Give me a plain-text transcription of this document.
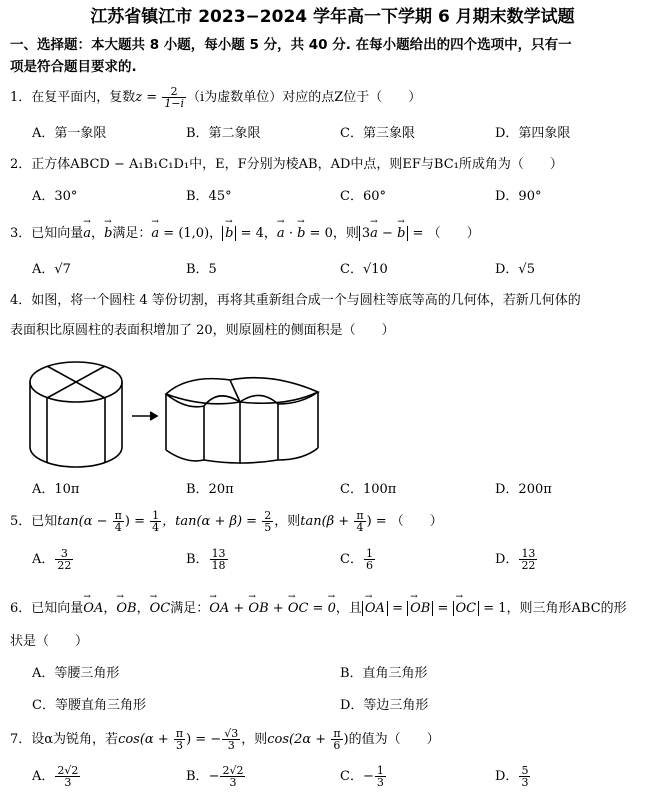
江苏省镇江市 2023−2024 学年高一下学期 6 月期末数学试题
一、选择题：本大题共 8 小题，每小题 5 分，共 40 分. 在每小题给出的四个选项中，只有一
项是符合题目要求的.
1．在复平面内，复数$z = \frac{2}{1-i} (i$为虚数单位）对应的点Z位于（　　）
A．第一象限	B．第二象限	C．第三象限	D．第四象限
2．正方体ABCD − A₁B₁C₁D₁中，E，F分别为棱AB，AD中点，则EF与BC₁所成角为（　　）
A．30°	B．45°	C．60°	D．90°
3．已知向量→ a，→ b满足：→ a = (1,0)， → b = 4，→ a · → b = 0，则 3→ a − → b = （　　）
A．√7	B．5	C．√10	D．√5
4．如图，将一个圆柱 4 等份切割，再将其重新组合成一个与圆柱等底等高的几何体，若新几何体的
表面积比原圆柱的表面积增加了 20，则原圆柱的侧面积是（　　）
A．10π	B．20π	C．100π	D．200π
5．已知$\tan(\alpha - \frac{\pi}{4}$ ) = $\frac{1}{4}$ ，$\tan(\alpha + \beta) = \frac{2}{5}$ ，则$\tan(\beta + \frac{\pi}{4}$ ) = （　　）
A． $\frac{3}{22}$	B． $\frac{13}{18}$	C． $\frac{1}{6}$	D． $\frac{13}{22}$
6．已知向量→ OA，→ OB，→ OC满足：→ OA + → OB + → OC = → 0，且 → OA = → OB = → OC = 1，则三角形ABC的形
状是（　　）
A．等腰三角形	B．直角三角形
C．等腰直角三角形	D．等边三角形
7．设α为锐角，若$\cos(\alpha + \frac{\pi}{3}$ ) = − $\frac{√3}{3}$ ，则$\cos(2\alpha + \frac{\pi}{6}$ )的值为（　　）
A． $\frac{2√2}{3}$	B．− $\frac{2√2}{3}$	C．− $\frac{1}{3}$	D． $\frac{5}{3}$
